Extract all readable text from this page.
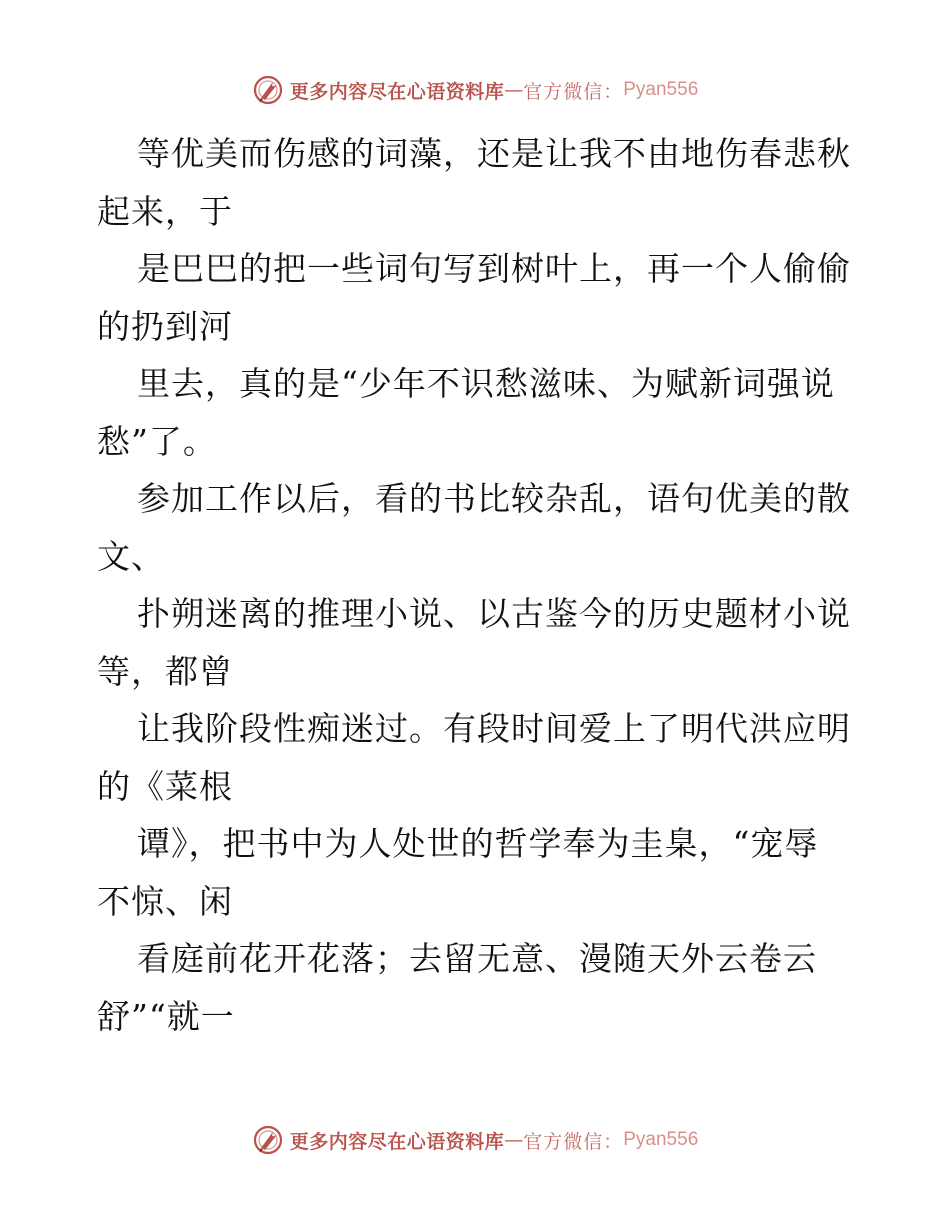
更多内容尽在心语资料库 — 官方微信： Pyan556
等优美而伤感的词藻，还是让我不由地伤春悲秋
起来，于
是巴巴的把一些词句写到树叶上，再一个人偷偷
的扔到河
里去，真的是“少年不识愁滋味、为赋新词强说
愁”了。
参加工作以后，看的书比较杂乱，语句优美的散
文、
扑朔迷离的推理小说、以古鉴今的历史题材小说
等，都曾
让我阶段性痴迷过。有段时间爱上了明代洪应明
的《菜根
谭》，把书中为人处世的哲学奉为圭臬，“宠辱
不惊、闲
看庭前花开花落；去留无意、漫随天外云卷云
舒”“就一
更多内容尽在心语资料库 — 官方微信： Pyan556
